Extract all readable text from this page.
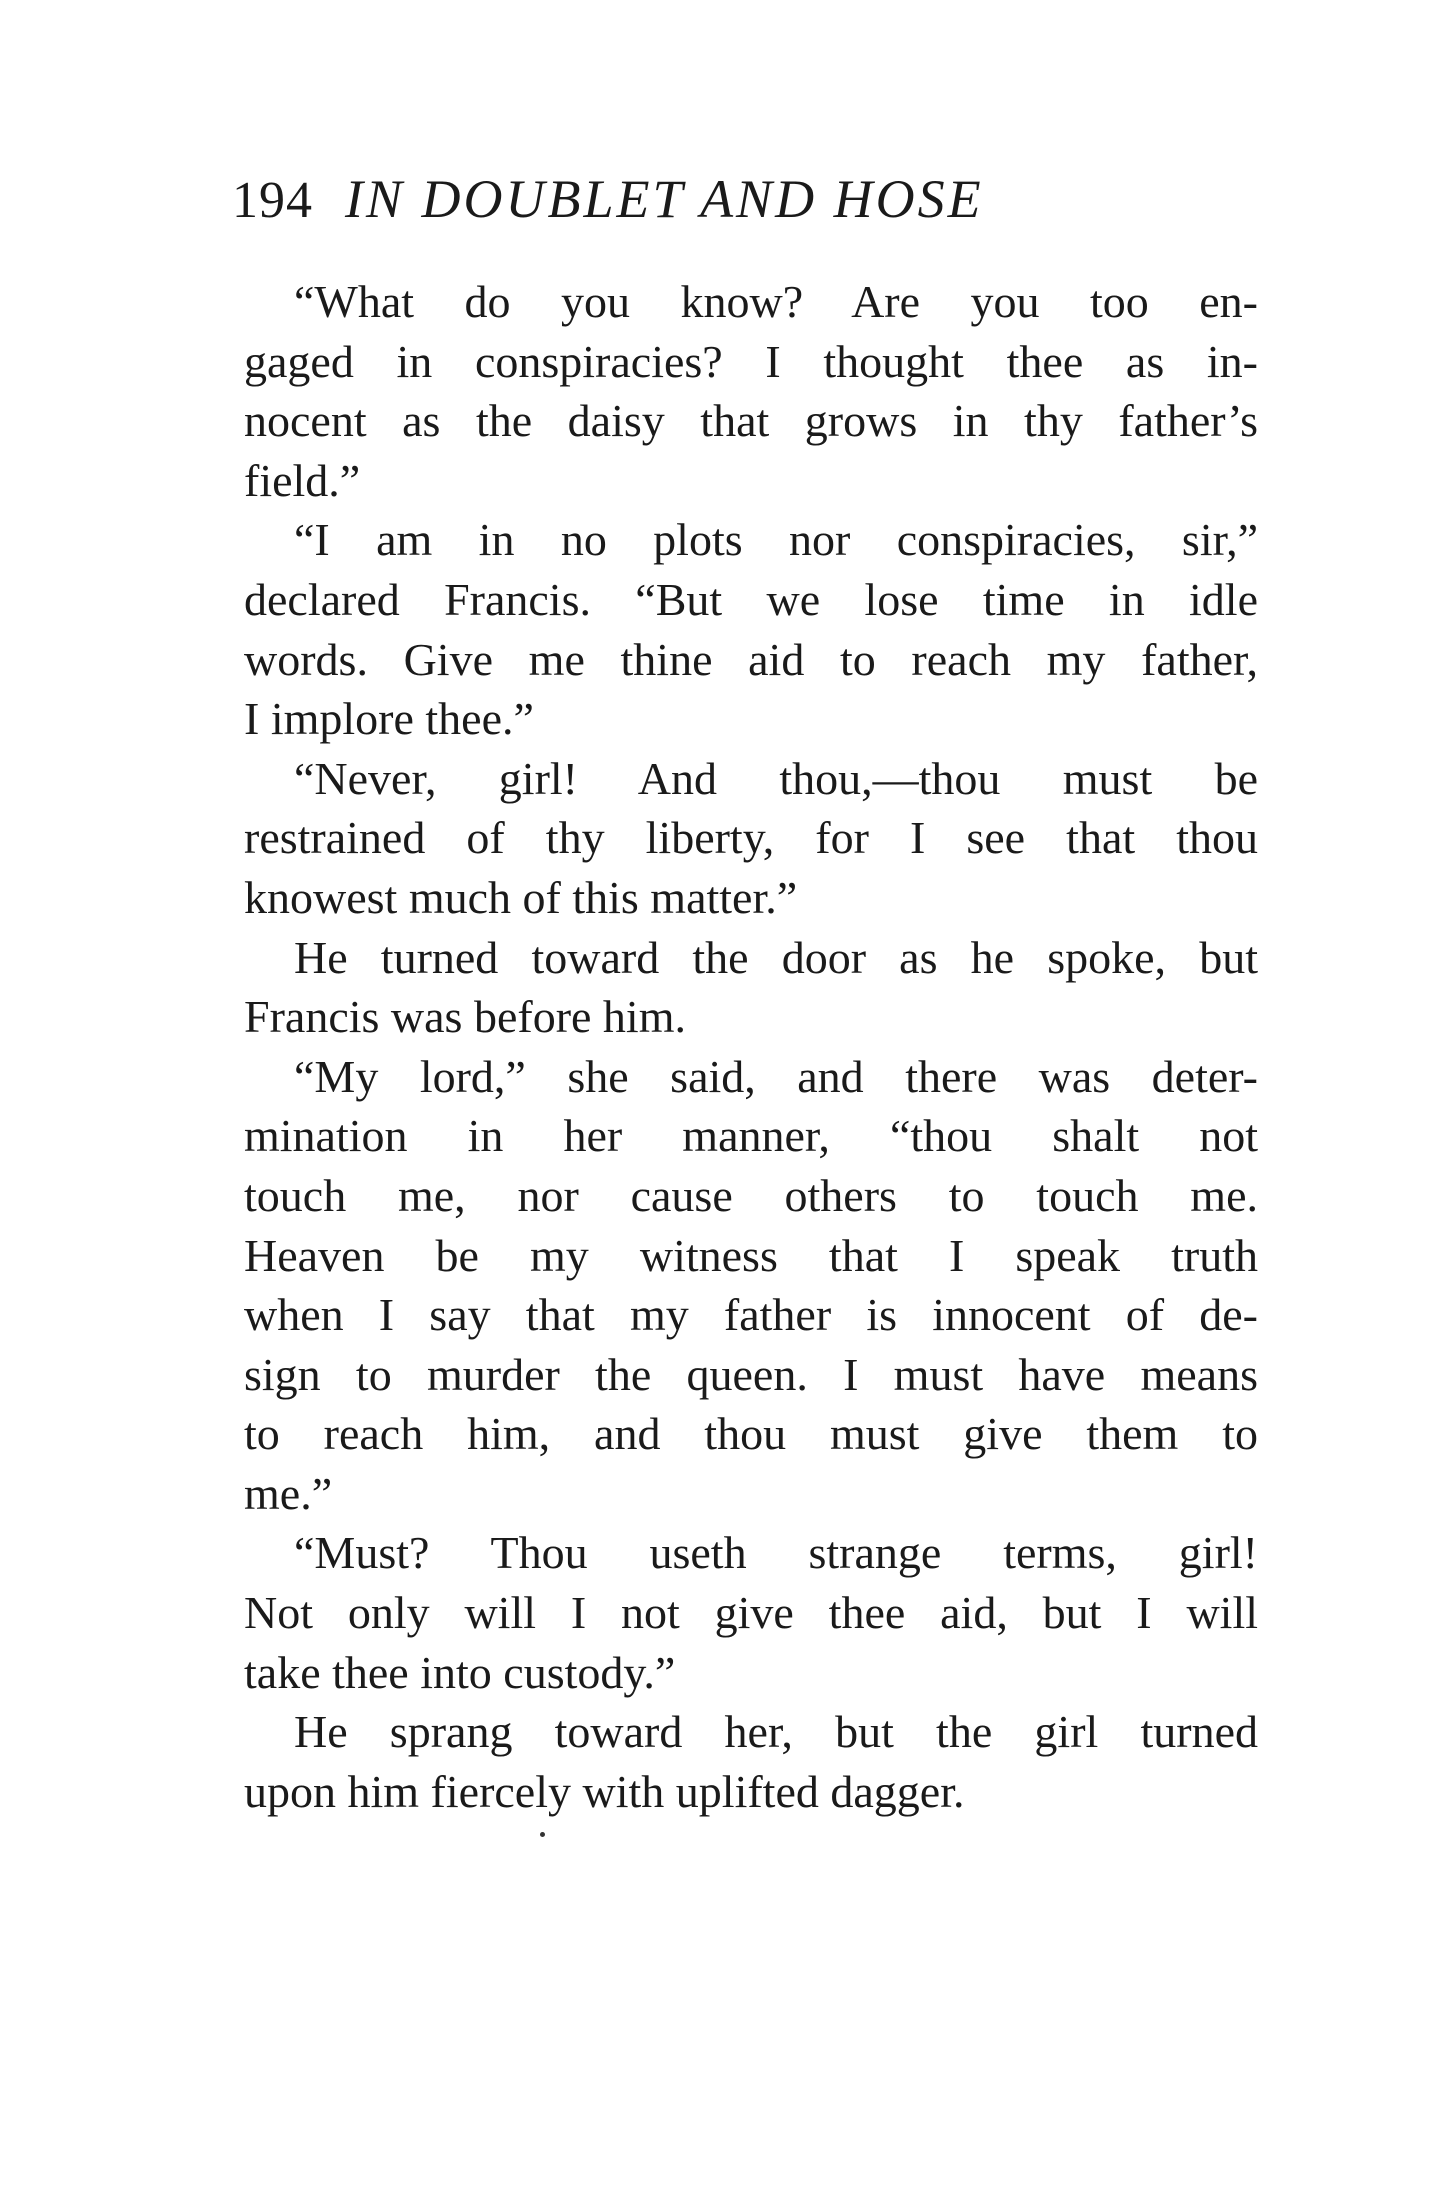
194 IN DOUBLET AND HOSE
“What do you know? Are you too en-
gaged in conspiracies? I thought thee as in-
nocent as the daisy that grows in thy father’s
field.”
“I am in no plots nor conspiracies, sir,”
declared Francis. “But we lose time in idle
words. Give me thine aid to reach my father,
I implore thee.”
“Never, girl! And thou,—thou must be
restrained of thy liberty, for I see that thou
knowest much of this matter.”
He turned toward the door as he spoke, but
Francis was before him.
“My lord,” she said, and there was deter-
mination in her manner, “thou shalt not
touch me, nor cause others to touch me.
Heaven be my witness that I speak truth
when I say that my father is innocent of de-
sign to murder the queen. I must have means
to reach him, and thou must give them to
me.”
“Must? Thou useth strange terms, girl!
Not only will I not give thee aid, but I will
take thee into custody.”
He sprang toward her, but the girl turned
upon him fiercely with uplifted dagger.
